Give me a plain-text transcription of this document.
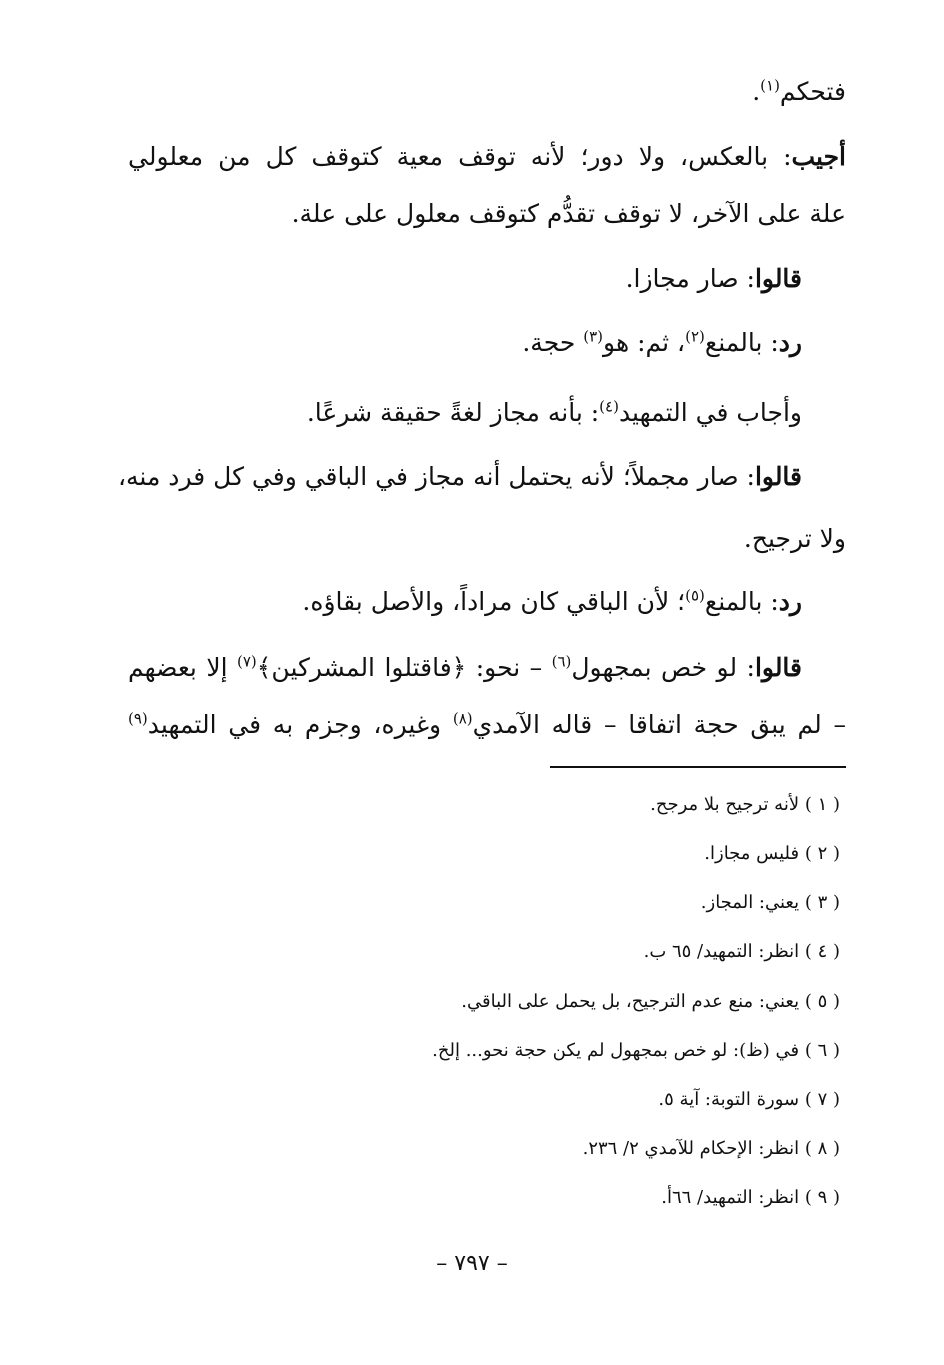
فتحكم$^{(١)}$.
أجيب: بالعكس، ولا دور؛ لأنه توقف معية كتوقف كل من معلولي
علة على الآخر، لا توقف تقدُّم كتوقف معلول على علة.
قالوا: صار مجازا.
رد: بالمنع$^{(٢)}$، ثم: هو$^{(٣)}$ حجة.
وأجاب في التمهيد$^{(٤)}$: بأنه مجاز لغةً حقيقة شرعًا.
قالوا: صار مجملاً؛ لأنه يحتمل أنه مجاز في الباقي وفي كل فرد منه،
ولا ترجيح.
رد: بالمنع$^{(٥)}$؛ لأن الباقي كان مراداً، والأصل بقاؤه.
قالوا: لو خص بمجهول$^{(٦)}$ – نحو: ﴿فاقتلوا المشركين﴾$^{(٧)}$ إلا بعضهم
– لم يبق حجة اتفاقا – قاله الآمدي$^{(٨)}$ وغيره، وجزم به في التمهيد$^{(٩)}$
( ١ ) لأنه ترجيح بلا مرجح.
( ٢ ) فليس مجازا.
( ٣ ) يعني: المجاز.
( ٤ ) انظر: التمهيد/ ٦٥ ب.
( ٥ ) يعني: منع عدم الترجيح، بل يحمل على الباقي.
( ٦ ) في (ظ): لو خص بمجهول لم يكن حجة نحو... إلخ.
( ٧ ) سورة التوبة: آية ٥.
( ٨ ) انظر: الإحكام للآمدي ٢/ ٢٣٦.
( ٩ ) انظر: التمهيد/ ٦٦أ.
– ٧٩٧ –
